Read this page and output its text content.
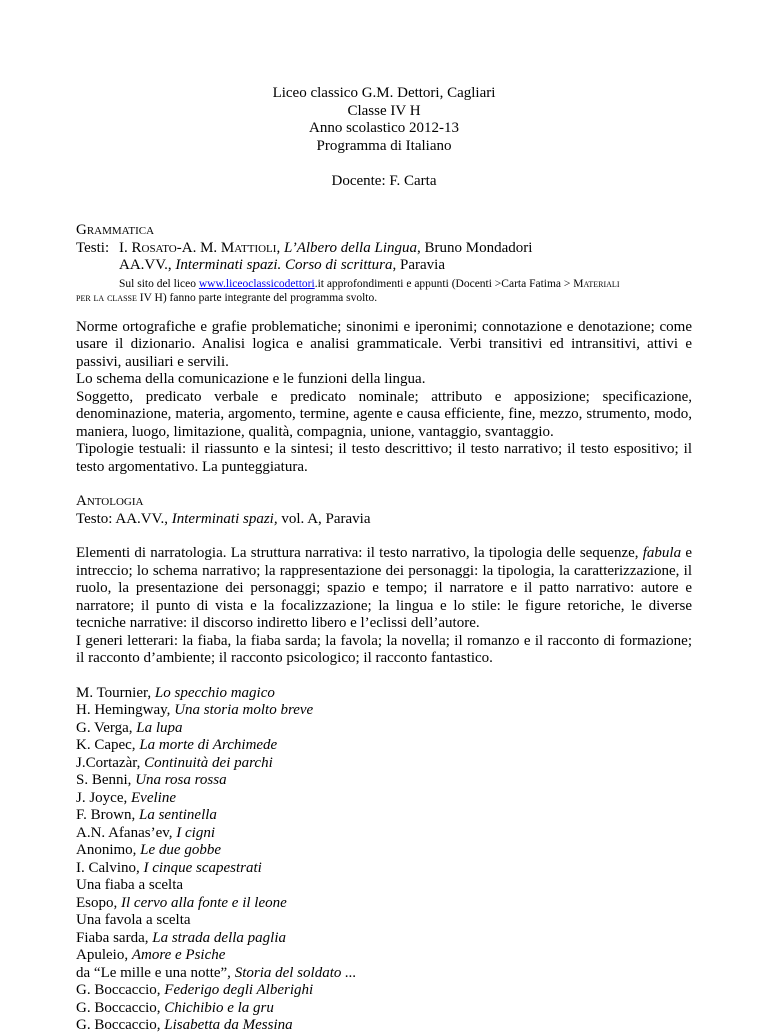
Liceo classico G.M. Dettori, Cagliari
Classe IV H
Anno scolastico 2012-13
Programma di Italiano
Docente: F. Carta
Grammatica
Testi: I. Rosato-A. M. Mattioli, L’Albero della Lingua, Bruno Mondadori
AA.VV., Interminati spazi. Corso di scrittura, Paravia
Sul sito del liceo www.liceoclassicodettori.it approfondimenti e appunti (Docenti >Carta Fatima > Materiali
per la classe IV H) fanno parte integrante del programma svolto.
Norme ortografiche e grafie problematiche; sinonimi e iperonimi; connotazione e denotazione; come usare il dizionario. Analisi logica e analisi grammaticale. Verbi transitivi ed intransitivi, attivi e passivi, ausiliari e servili.
Lo schema della comunicazione e le funzioni della lingua.
Soggetto, predicato verbale e predicato nominale; attributo e apposizione; specificazione, denominazione, materia, argomento, termine, agente e causa efficiente, fine, mezzo, strumento, modo, maniera, luogo, limitazione, qualità, compagnia, unione, vantaggio, svantaggio.
Tipologie testuali: il riassunto e la sintesi; il testo descrittivo; il testo narrativo; il testo espositivo; il testo argomentativo. La punteggiatura.
Antologia
Testo: AA.VV., Interminati spazi, vol. A, Paravia
Elementi di narratologia. La struttura narrativa: il testo narrativo, la tipologia delle sequenze, fabula e intreccio; lo schema narrativo; la rappresentazione dei personaggi: la tipologia, la caratterizzazione, il ruolo, la presentazione dei personaggi; spazio e tempo; il narratore e il patto narrativo: autore e narratore; il punto di vista e la focalizzazione; la lingua e lo stile: le figure retoriche, le diverse tecniche narrative: il discorso indiretto libero e l’eclissi dell’autore.
I generi letterari: la fiaba, la fiaba sarda; la favola; la novella; il romanzo e il racconto di formazione; il racconto d’ambiente; il racconto psicologico; il racconto fantastico.
M. Tournier, Lo specchio magico
H. Hemingway, Una storia molto breve
G. Verga, La lupa
K. Capec, La morte di Archimede
J.Cortazàr, Continuità dei parchi
S. Benni, Una rosa rossa
J. Joyce, Eveline
F. Brown, La sentinella
A.N. Afanas’ev, I cigni
Anonimo, Le due gobbe
I. Calvino, I cinque scapestrati
Una fiaba a scelta
Esopo, Il cervo alla fonte e il leone
Una favola a scelta
Fiaba sarda, La strada della paglia
Apuleio, Amore e Psiche
da “Le mille e una notte”, Storia del soldato ...
G. Boccaccio, Federigo degli Alberighi
G. Boccaccio, Chichibio e la gru
G. Boccaccio, Lisabetta da Messina
